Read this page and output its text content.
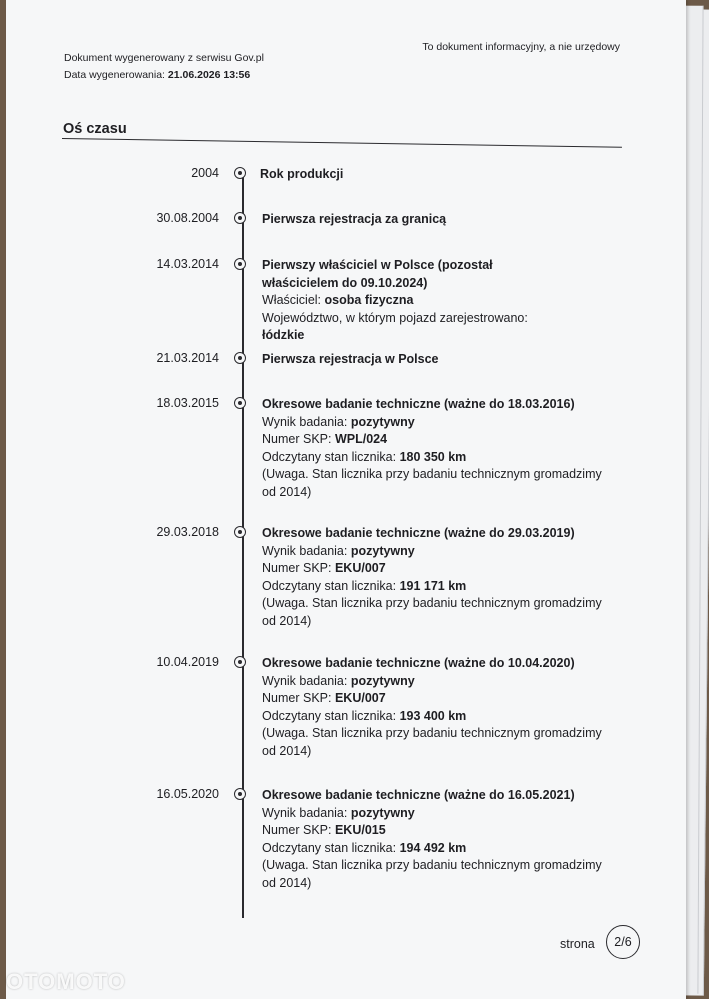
Dokument wygenerowany z serwisu Gov.pl
Data wygenerowania: 21.06.2026 13:56
To dokument informacyjny, a nie urzędowy
Oś czasu
2004	Rok produkcji
30.08.2004	Pierwsza rejestracja za granicą
14.03.2014	Pierwszy właściciel w Polsce (pozostał właścicielem do 09.10.2024)
Właściciel: osoba fizyczna
Województwo, w którym pojazd zarejestrowano: łódzkie
21.03.2014	Pierwsza rejestracja w Polsce
18.03.2015	Okresowe badanie techniczne (ważne do 18.03.2016)
Wynik badania: pozytywny
Numer SKP: WPL/024
Odczytany stan licznika: 180 350 km
(Uwaga. Stan licznika przy badaniu technicznym gromadzimy od 2014)
29.03.2018	Okresowe badanie techniczne (ważne do 29.03.2019)
Wynik badania: pozytywny
Numer SKP: EKU/007
Odczytany stan licznika: 191 171 km
(Uwaga. Stan licznika przy badaniu technicznym gromadzimy od 2014)
10.04.2019	Okresowe badanie techniczne (ważne do 10.04.2020)
Wynik badania: pozytywny
Numer SKP: EKU/007
Odczytany stan licznika: 193 400 km
(Uwaga. Stan licznika przy badaniu technicznym gromadzimy od 2014)
16.05.2020	Okresowe badanie techniczne (ważne do 16.05.2021)
Wynik badania: pozytywny
Numer SKP: EKU/015
Odczytany stan licznika: 194 492 km
(Uwaga. Stan licznika przy badaniu technicznym gromadzimy od 2014)
strona 2/6
OTOMOTO
